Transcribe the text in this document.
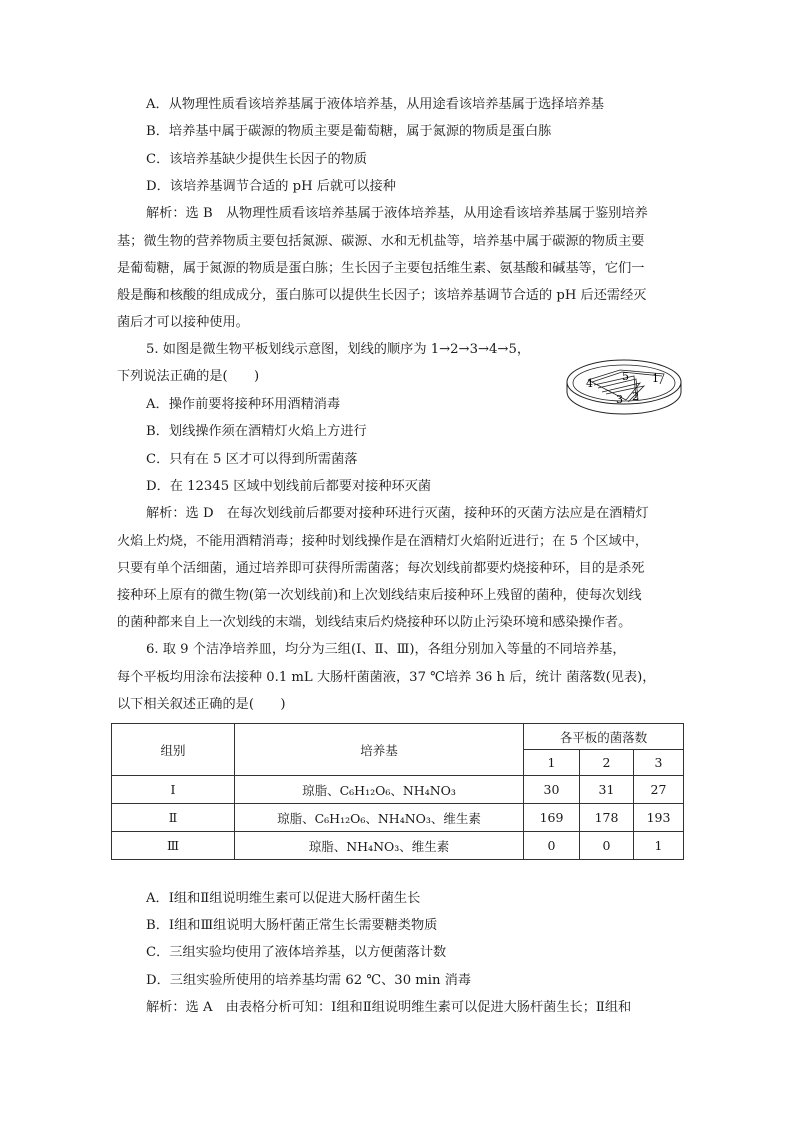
A．从物理性质看该培养基属于液体培养基，从用途看该培养基属于选择培养基
B．培养基中属于碳源的物质主要是葡萄糖，属于氮源的物质是蛋白胨
C．该培养基缺少提供生长因子的物质
D．该培养基调节合适的 pH 后就可以接种
解析：选 B　从物理性质看该培养基属于液体培养基，从用途看该培养基属于鉴别培养
基；微生物的营养物质主要包括氮源、碳源、水和无机盐等，培养基中属于碳源的物质主要
是葡萄糖，属于氮源的物质是蛋白胨；生长因子主要包括维生素、氨基酸和碱基等，它们一
般是酶和核酸的组成成分，蛋白胨可以提供生长因子；该培养基调节合适的 pH 后还需经灭
菌后才可以接种使用。
5. 如图是微生物平板划线示意图，划线的顺序为 1→2→3→4→5，
下列说法正确的是(　　)	4
5 1
3 2
A．操作前要将接种环用酒精消毒
B．划线操作须在酒精灯火焰上方进行
C．只有在 5 区才可以得到所需菌落
D．在 12345 区域中划线前后都要对接种环灭菌
解析：选 D　在每次划线前后都要对接种环进行灭菌，接种环的灭菌方法应是在酒精灯
火焰上灼烧，不能用酒精消毒；接种时划线操作是在酒精灯火焰附近进行；在 5 个区域中，
只要有单个活细菌，通过培养即可获得所需菌落；每次划线前都要灼烧接种环，目的是杀死
接种环上原有的微生物(第一次划线前)和上次划线结束后接种环上残留的菌种，使每次划线
的菌种都来自上一次划线的末端，划线结束后灼烧接种环以防止污染环境和感染操作者。
6. 取 9 个洁净培养皿，均分为三组(Ⅰ、Ⅱ、Ⅲ)，各组分别加入等量的不同培养基，
每个平板均用涂布法接种 0.1 mL 大肠杆菌菌液，37 ℃培养 36 h 后，统计 菌落数(见表)，
以下相关叙述正确的是(　　)
组别	培养基	各平板的菌落数		
		1	2	3
Ⅰ	琼脂、C₆H₁₂O₆、NH₄NO₃	30	31	27
Ⅱ	琼脂、C₆H₁₂O₆、NH₄NO₃、维生素	169	178	193
Ⅲ	琼脂、NH₄NO₃、维生素	0	0	1
A．Ⅰ组和Ⅱ组说明维生素可以促进大肠杆菌生长
B．Ⅰ组和Ⅲ组说明大肠杆菌正常生长需要糖类物质
C．三组实验均使用了液体培养基，以方便菌落计数
D．三组实验所使用的培养基均需 62 ℃、30 min 消毒
解析：选 A　由表格分析可知：Ⅰ组和Ⅱ组说明维生素可以促进大肠杆菌生长；Ⅱ组和
